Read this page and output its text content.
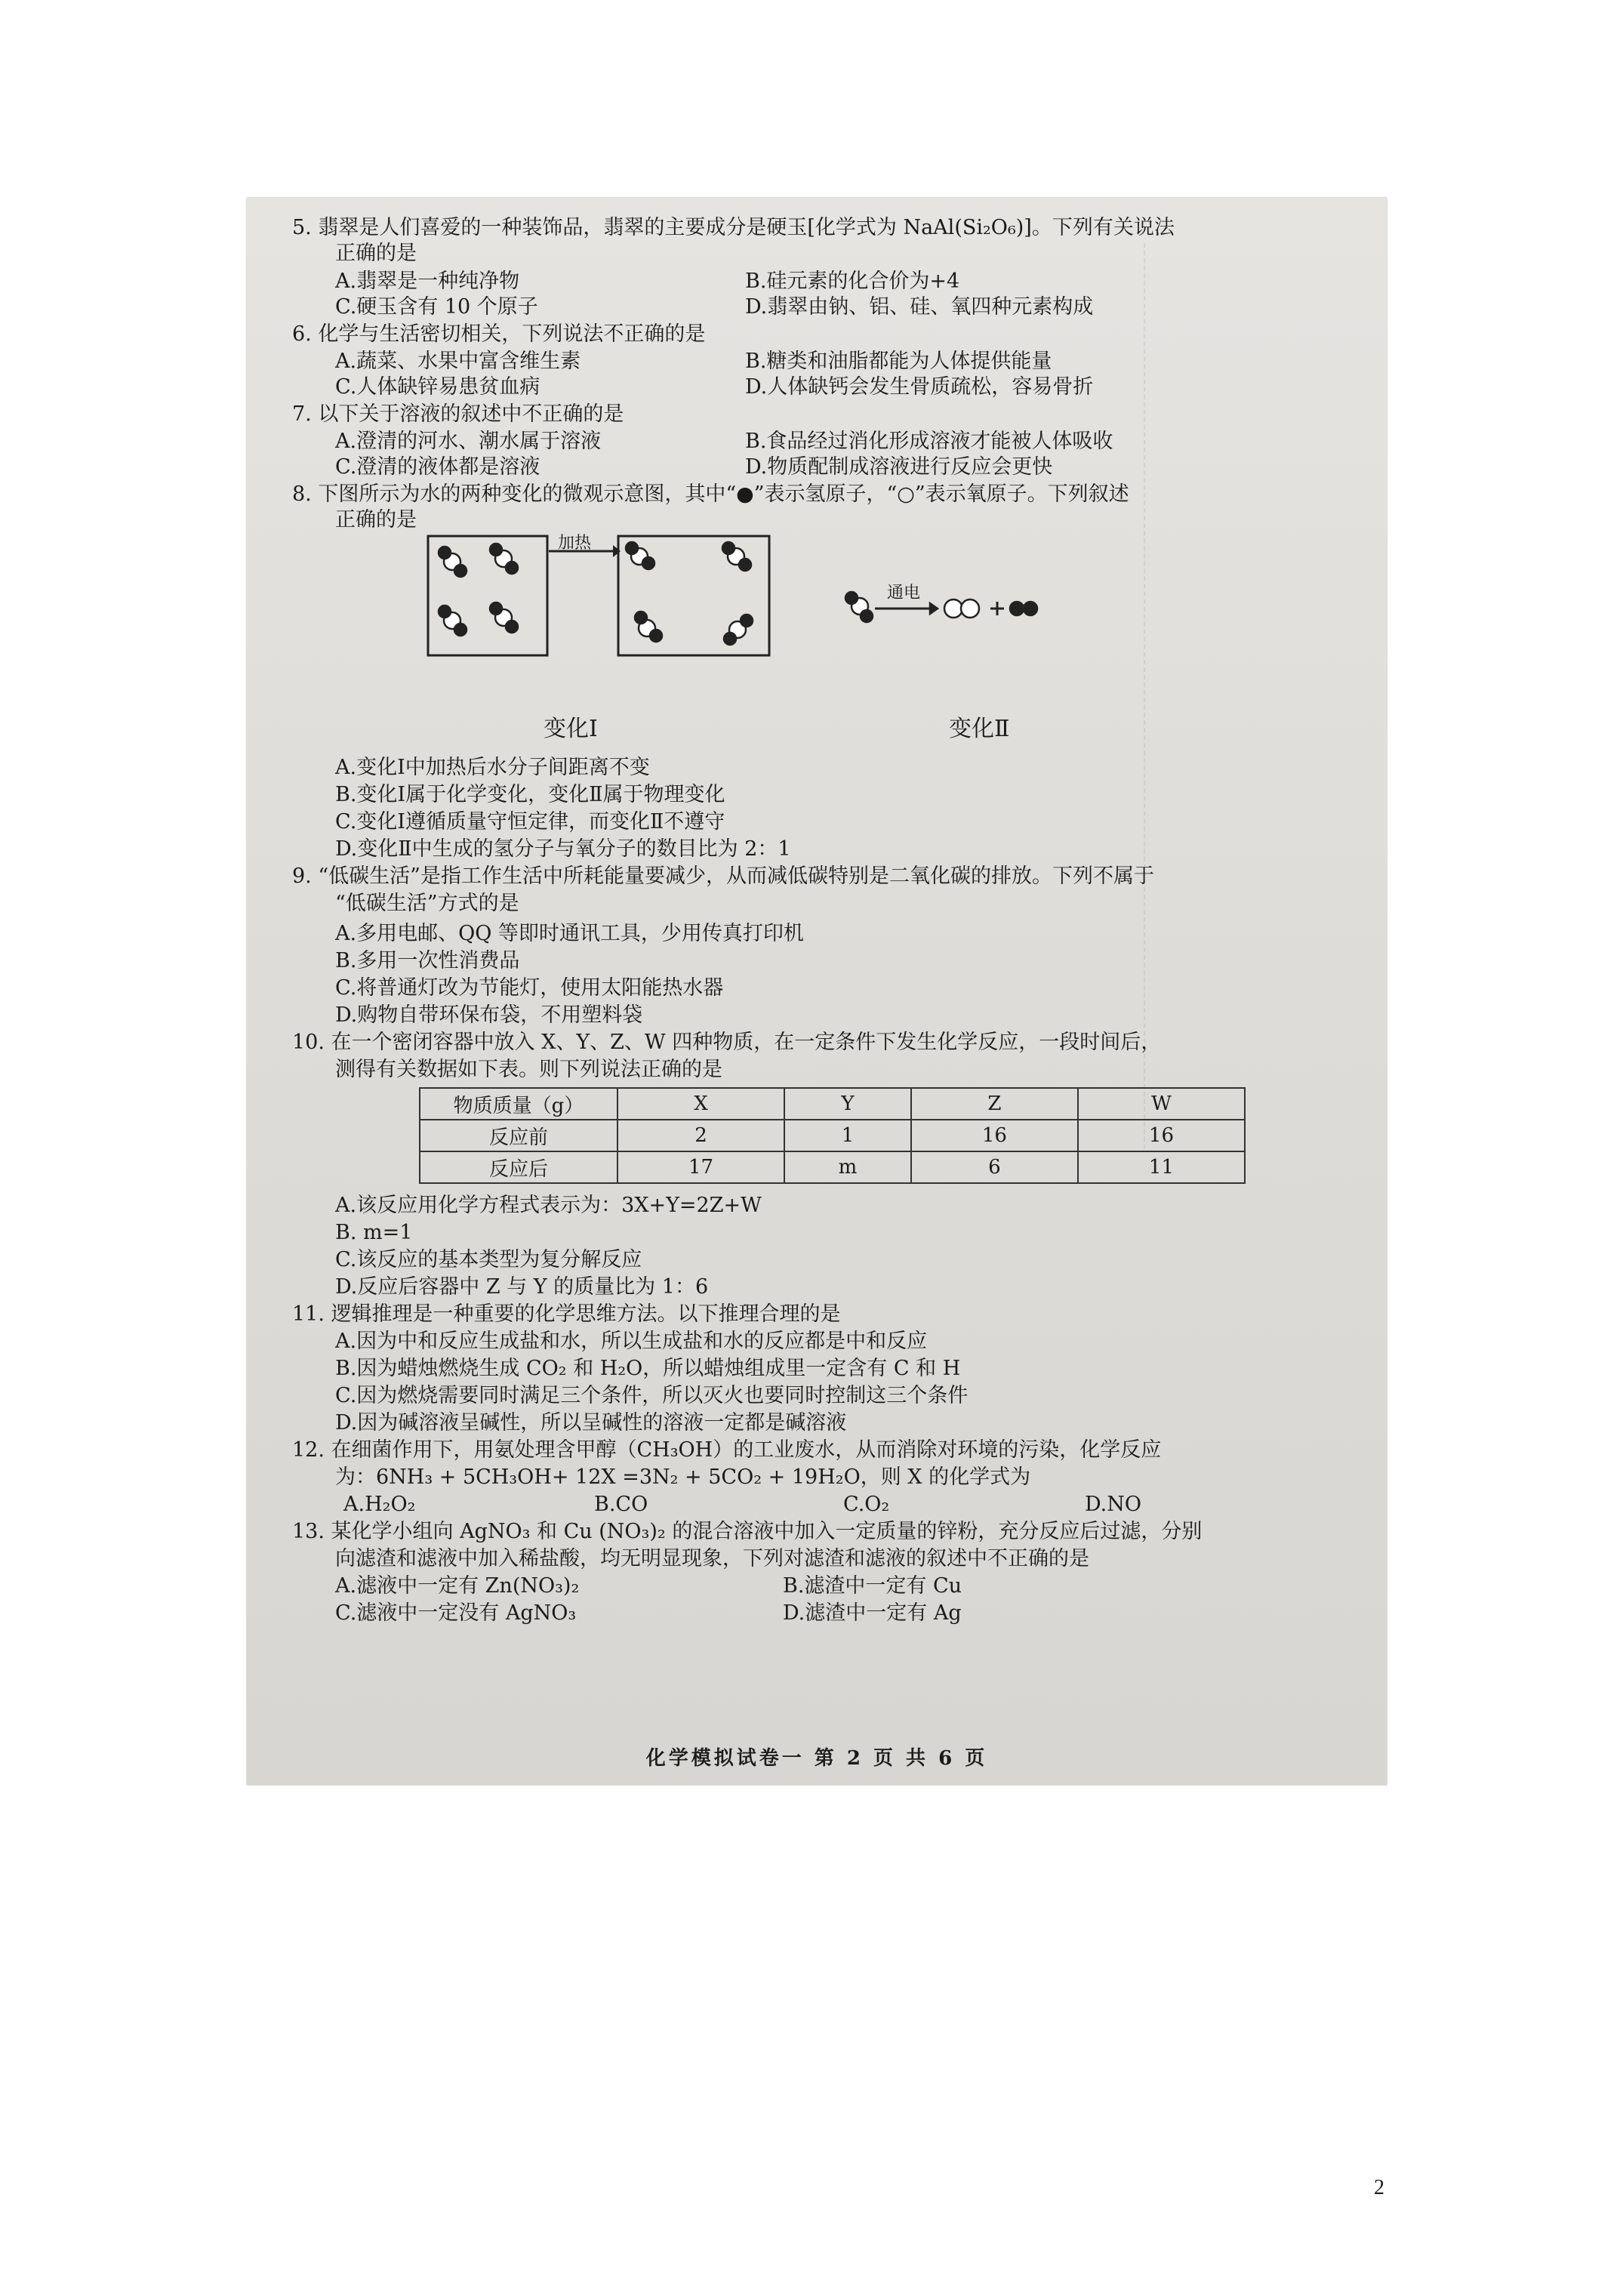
5. 翡翠是人们喜爱的一种装饰品，翡翠的主要成分是硬玉[化学式为 NaAl(Si₂O₆)]。下列有关说法
正确的是
A.翡翠是一种纯净物	B.硅元素的化合价为+4
C.硬玉含有 10 个原子	D.翡翠由钠、铝、硅、氧四种元素构成
6. 化学与生活密切相关，下列说法不正确的是
A.蔬菜、水果中富含维生素	B.糖类和油脂都能为人体提供能量
C.人体缺锌易患贫血病	D.人体缺钙会发生骨质疏松，容易骨折
7. 以下关于溶液的叙述中不正确的是
A.澄清的河水、潮水属于溶液	B.食品经过消化形成溶液才能被人体吸收
C.澄清的液体都是溶液	D.物质配制成溶液进行反应会更快
8. 下图所示为水的两种变化的微观示意图，其中“●”表示氢原子，“○”表示氧原子。下列叙述
正确的是
加热
通电
变化Ⅰ	变化Ⅱ
A.变化Ⅰ中加热后水分子间距离不变
B.变化Ⅰ属于化学变化，变化Ⅱ属于物理变化
C.变化Ⅰ遵循质量守恒定律，而变化Ⅱ不遵守
D.变化Ⅱ中生成的氢分子与氧分子的数目比为 2：1
9. “低碳生活”是指工作生活中所耗能量要减少，从而减低碳特别是二氧化碳的排放。下列不属于
“低碳生活”方式的是
A.多用电邮、QQ 等即时通讯工具，少用传真打印机
B.多用一次性消费品
C.将普通灯改为节能灯，使用太阳能热水器
D.购物自带环保布袋，不用塑料袋
10. 在一个密闭容器中放入 X、Y、Z、W 四种物质，在一定条件下发生化学反应，一段时间后，
测得有关数据如下表。则下列说法正确的是
物质质量（g）	X	Y	Z	W
反应前	2	1	16	16
反应后	17	m	6	11
A.该反应用化学方程式表示为：3X+Y=2Z+W
B. m=1
C.该反应的基本类型为复分解反应
D.反应后容器中 Z 与 Y 的质量比为 1：6
11. 逻辑推理是一种重要的化学思维方法。以下推理合理的是
A.因为中和反应生成盐和水，所以生成盐和水的反应都是中和反应
B.因为蜡烛燃烧生成 CO₂ 和 H₂O，所以蜡烛组成里一定含有 C 和 H
C.因为燃烧需要同时满足三个条件，所以灭火也要同时控制这三个条件
D.因为碱溶液呈碱性，所以呈碱性的溶液一定都是碱溶液
12. 在细菌作用下，用氨处理含甲醇（CH₃OH）的工业废水，从而消除对环境的污染，化学反应
为：6NH₃ + 5CH₃OH+ 12X =3N₂ + 5CO₂ + 19H₂O，则 X 的化学式为
A.H₂O₂	B.CO	C.O₂	D.NO
13. 某化学小组向 AgNO₃ 和 Cu (NO₃)₂ 的混合溶液中加入一定质量的锌粉，充分反应后过滤，分别
向滤渣和滤液中加入稀盐酸，均无明显现象，下列对滤渣和滤液的叙述中不正确的是
A.滤液中一定有 Zn(NO₃)₂	B.滤渣中一定有 Cu
C.滤液中一定没有 AgNO₃	D.滤渣中一定有 Ag
化学模拟试卷一 第 2 页 共 6 页
2
